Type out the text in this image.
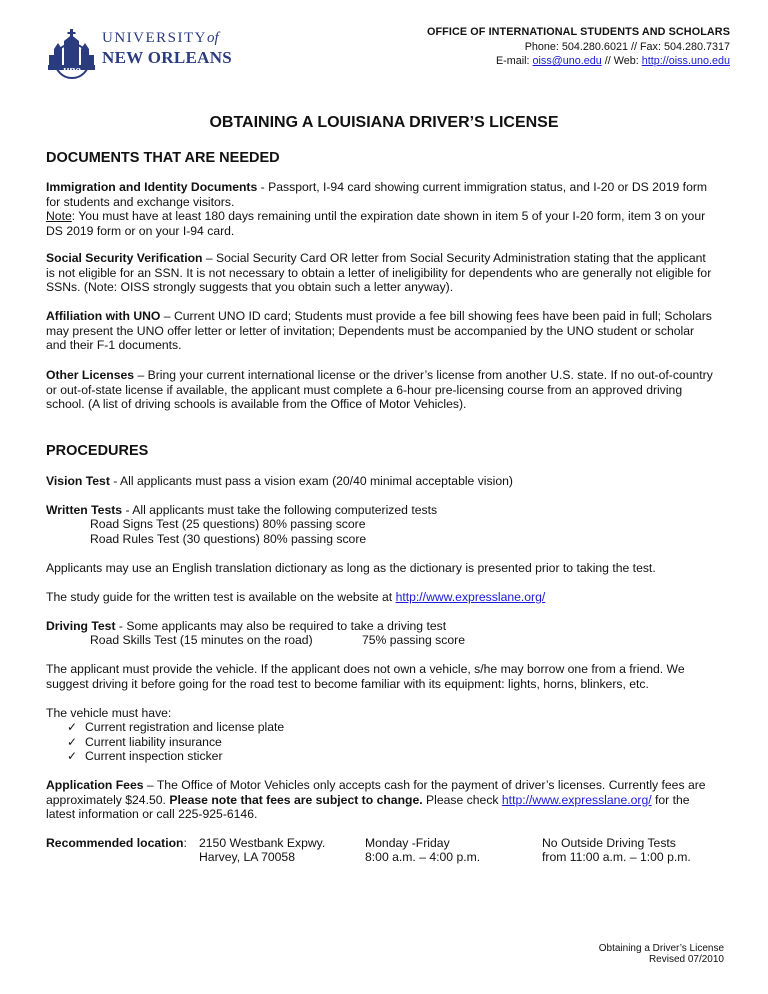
uno
UNIVERSITYof
NEW ORLEANS
OFFICE OF INTERNATIONAL STUDENTS AND SCHOLARS
Phone: 504.280.6021 // Fax: 504.280.7317
E-mail: oiss@uno.edu // Web: http://oiss.uno.edu
OBTAINING A LOUISIANA DRIVER’S LICENSE
DOCUMENTS THAT ARE NEEDED
Immigration and Identity Documents - Passport, I-94 card showing current immigration status, and I-20 or DS 2019 form for students and exchange visitors.
Note: You must have at least 180 days remaining until the expiration date shown in item 5 of your I-20 form, item 3 on your DS 2019 form or on your I-94 card.
Social Security Verification – Social Security Card OR letter from Social Security Administration stating that the applicant is not eligible for an SSN. It is not necessary to obtain a letter of ineligibility for dependents who are generally not eligible for SSNs. (Note: OISS strongly suggests that you obtain such a letter anyway).
Affiliation with UNO – Current UNO ID card; Students must provide a fee bill showing fees have been paid in full; Scholars may present the UNO offer letter or letter of invitation; Dependents must be accompanied by the UNO student or scholar and their F-1 documents.
Other Licenses – Bring your current international license or the driver’s license from another U.S. state. If no out-of-country or out-of-state license if available, the applicant must complete a 6-hour pre-licensing course from an approved driving school. (A list of driving schools is available from the Office of Motor Vehicles).
PROCEDURES
Vision Test - All applicants must pass a vision exam (20/40 minimal acceptable vision)
Written Tests - All applicants must take the following computerized tests
Road Signs Test (25 questions) 80% passing score
Road Rules Test (30 questions) 80% passing score
Applicants may use an English translation dictionary as long as the dictionary is presented prior to taking the test.
The study guide for the written test is available on the website at http://www.expresslane.org/
Driving Test - Some applicants may also be required to take a driving test
Road Skills Test (15 minutes on the road)	75% passing score
The applicant must provide the vehicle. If the applicant does not own a vehicle, s/he may borrow one from a friend. We suggest driving it before going for the road test to become familiar with its equipment: lights, horns, blinkers, etc.
The vehicle must have:
✓ Current registration and license plate
✓ Current liability insurance
✓ Current inspection sticker
Application Fees – The Office of Motor Vehicles only accepts cash for the payment of driver’s licenses. Currently fees are approximately $24.50. Please note that fees are subject to change. Please check http://www.expresslane.org/ for the latest information or call 225-925-6146.
Recommended location: 2150 Westbank Expwy.
Harvey, LA 70058
Monday -Friday
8:00 a.m. – 4:00 p.m.
No Outside Driving Tests
from 11:00 a.m. – 1:00 p.m.
Obtaining a Driver’s License
Revised 07/2010
